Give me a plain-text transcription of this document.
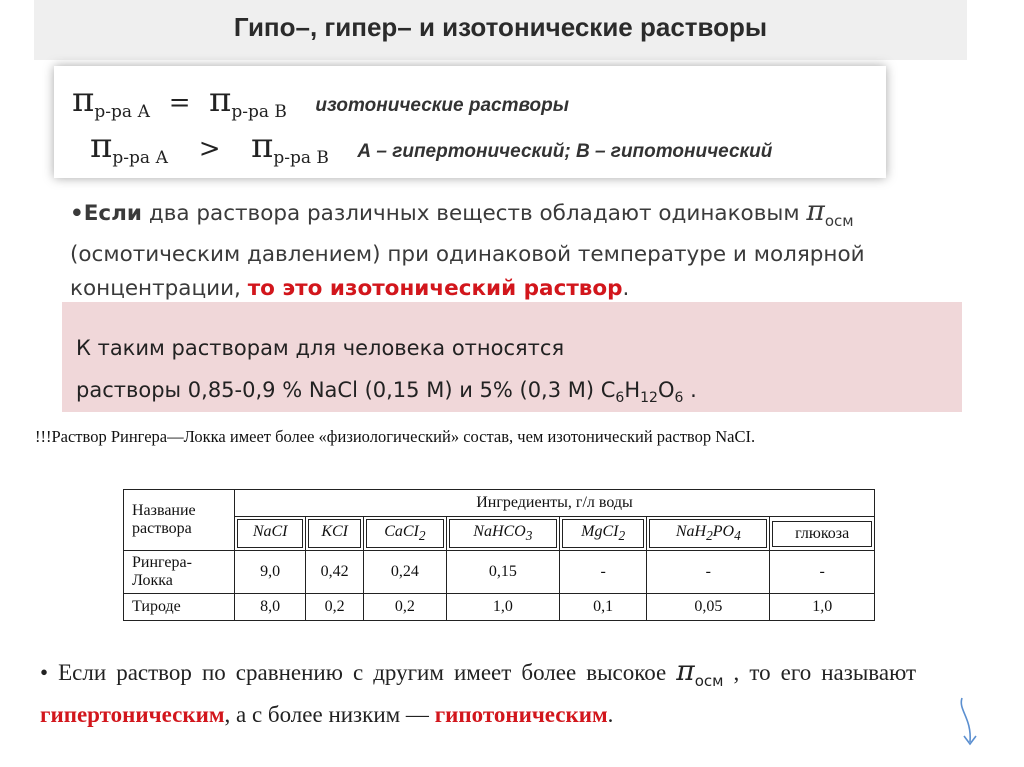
Гипо–, гипер– и изотонические растворы
πр-ра А = πр-ра В изотонические растворы
πр-ра А > πр-ра В А – гипертонический; В – гипотонический
•Если два раствора различных веществ обладают одинаковым $\pi_{осм}$ (осмотическим давлением) при одинаковой температуре и молярной концентрации, то это изотонический раствор.
К таким растворам для человека относятся
растворы 0,85-0,9 % NaCl (0,15 М) и 5% (0,3 М) $C_6H_{12}O_6$ .
!!!Раствор Рингера—Локка имеет более «физиологический» состав, чем изотонический раствор NaCI.
Название раствора	Ингредиенты, г/л воды						

	NaCI	KCI	CaCI$_2$	NaHCO$_3$	MgCI$_2$	$NaH_2PO_4$	глюкоза

Рингера-Локка	9,0	0,42	0,24	0,15	-	-	-
Тироде	8,0	0,2	0,2	1,0	0,1	0,05	1,0
• Если раствор по сравнению с другим имеет более высокое $\pi_{осм}$ , то его называют гипертоническим, а с более низким — гипотоническим.
